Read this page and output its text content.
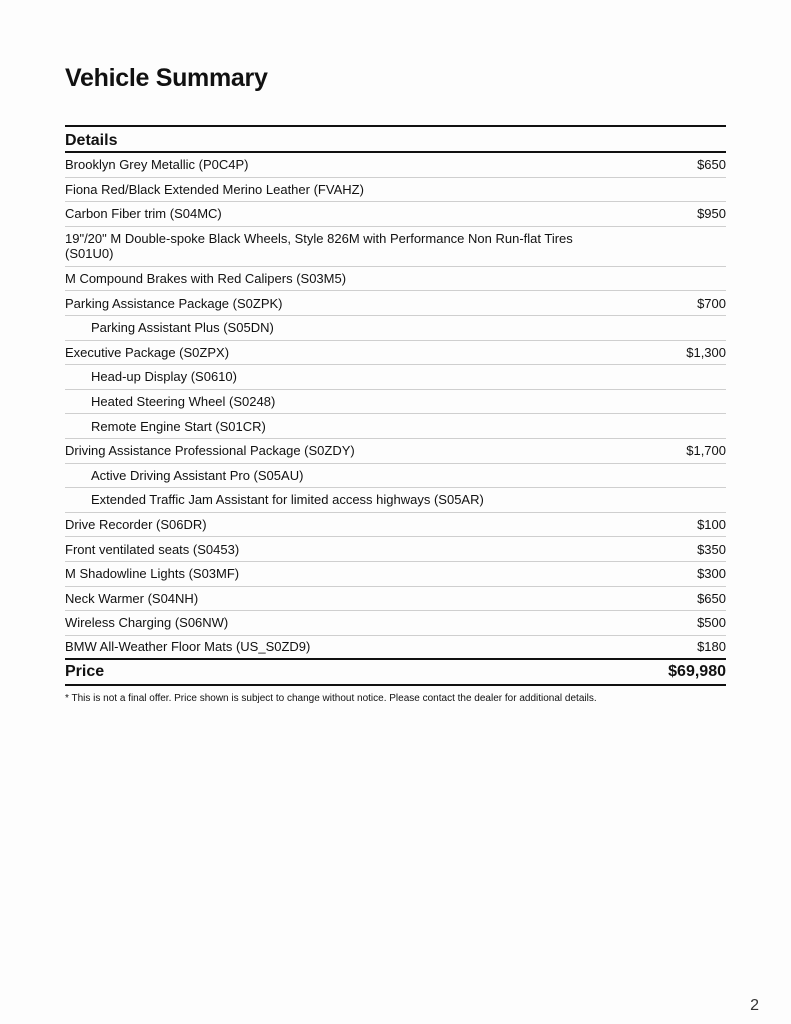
Vehicle Summary
Details
Brooklyn Grey Metallic (P0C4P)	$650
Fiona Red/Black Extended Merino Leather (FVAHZ)
Carbon Fiber trim (S04MC)	$950
19"/20" M Double-spoke Black Wheels, Style 826M with Performance Non Run-flat Tires (S01U0)
M Compound Brakes with Red Calipers (S03M5)
Parking Assistance Package (S0ZPK)	$700
Parking Assistant Plus (S05DN)
Executive Package (S0ZPX)	$1,300
Head-up Display (S0610)
Heated Steering Wheel (S0248)
Remote Engine Start (S01CR)
Driving Assistance Professional Package (S0ZDY)	$1,700
Active Driving Assistant Pro (S05AU)
Extended Traffic Jam Assistant for limited access highways (S05AR)
Drive Recorder (S06DR)	$100
Front ventilated seats (S0453)	$350
M Shadowline Lights (S03MF)	$300
Neck Warmer (S04NH)	$650
Wireless Charging (S06NW)	$500
BMW All-Weather Floor Mats (US_S0ZD9)	$180
Price	$69,980
* This is not a final offer. Price shown is subject to change without notice. Please contact the dealer for additional details.
2
